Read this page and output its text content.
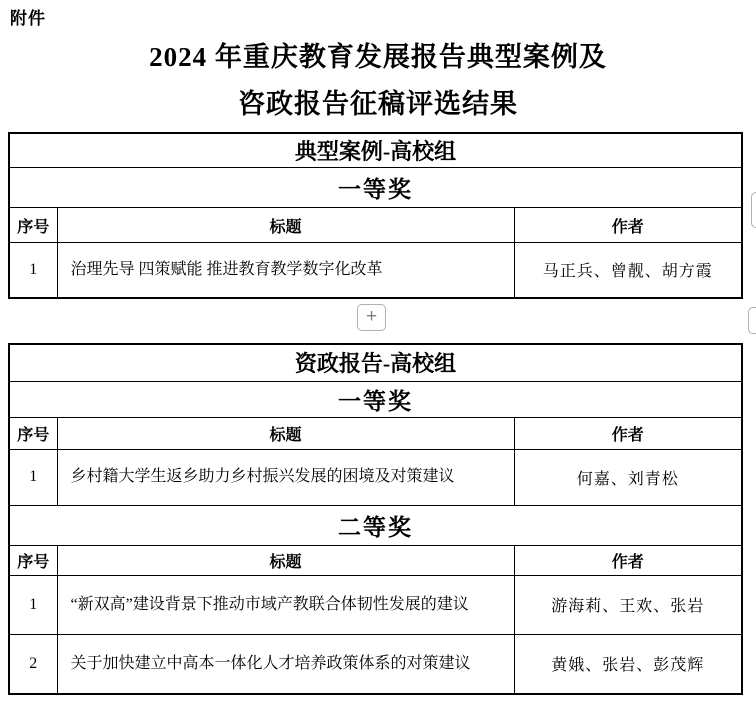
附件
2024 年重庆教育发展报告典型案例及
咨政报告征稿评选结果
典型案例-高校组		
一等奖		
序号	标题	作者
1	治理先导 四策赋能 推进教育教学数字化改革	马正兵、曾靓、胡方霞
+
资政报告-高校组		
一等奖		
序号	标题	作者
1	乡村籍大学生返乡助力乡村振兴发展的困境及对策建议	何嘉、刘青松
二等奖		
序号	标题	作者
1	“新双高”建设背景下推动市域产教联合体韧性发展的建议	游海莉、王欢、张岩
2	关于加快建立中高本一体化人才培养政策体系的对策建议	黄娥、张岩、彭茂辉
